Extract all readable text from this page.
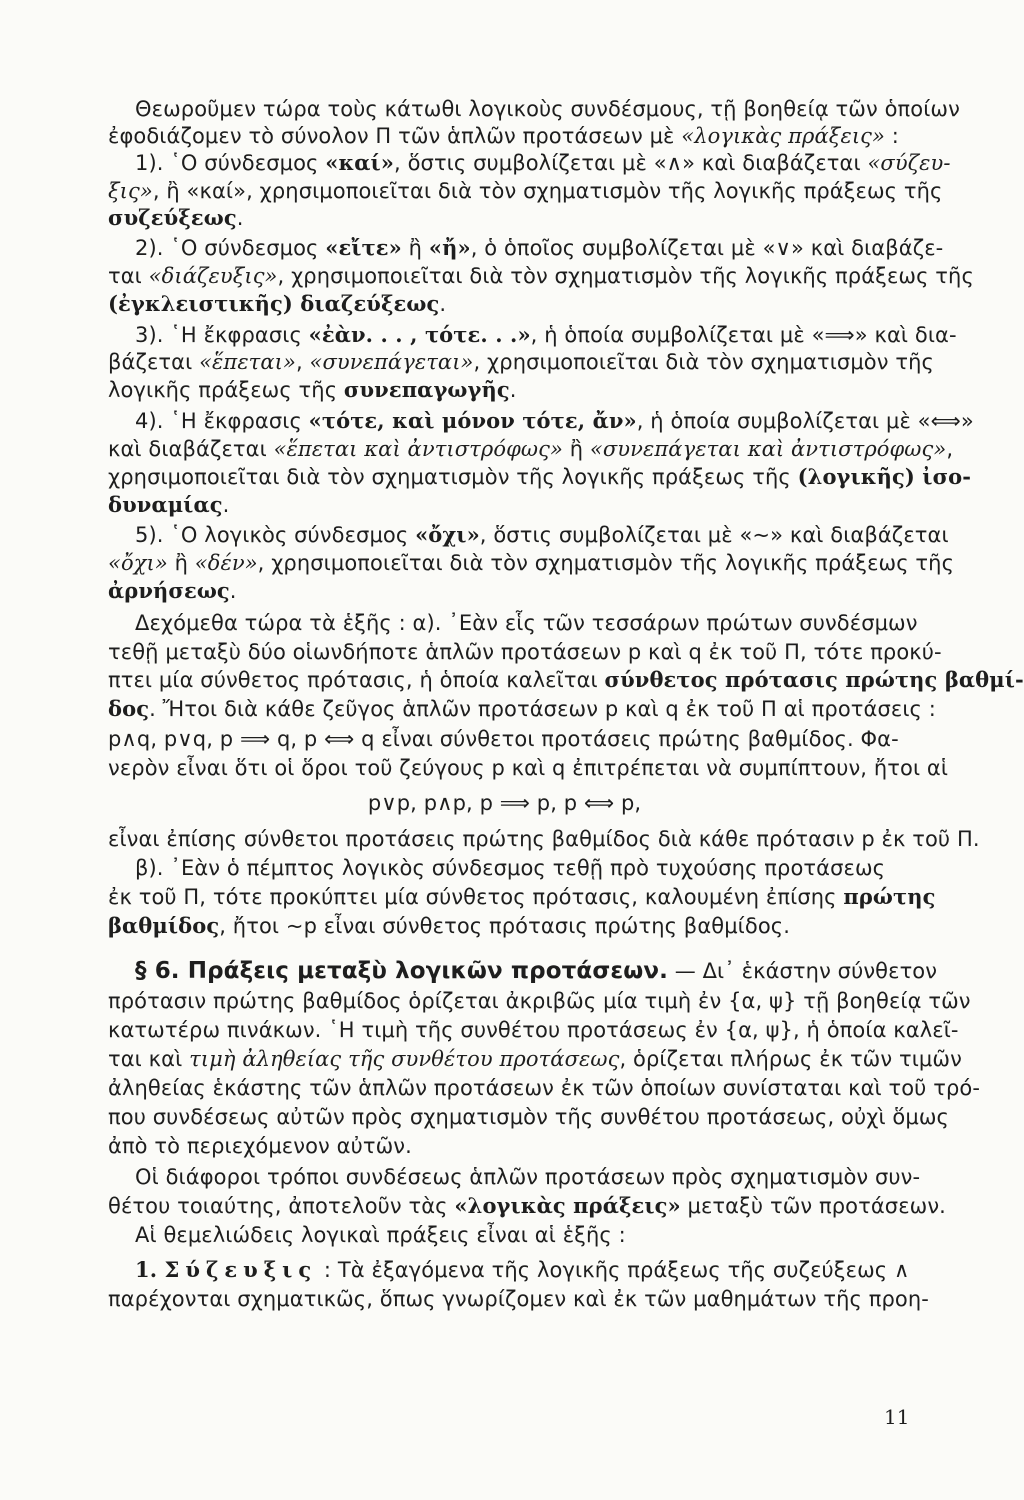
Θεωροῦμεν τώρα τοὺς κάτωθι λογικοὺς συνδέσμους, τῇ βοηθείᾳ τῶν ὁποίων
ἐφοδιάζομεν τὸ σύνολον Π τῶν ἁπλῶν προτάσεων μὲ «λογικὰς πράξεις» :
1). ῾Ο σύνδεσμος «καί», ὅστις συμβολίζεται μὲ «∧» καὶ διαβάζεται «σύζευ-
ξις», ἢ «καί», χρησιμοποιεῖται διὰ τὸν σχηματισμὸν τῆς λογικῆς πράξεως τῆς
συζεύξεως.
2). ῾Ο σύνδεσμος «εἴτε» ἢ «ἤ», ὁ ὁποῖος συμβολίζεται μὲ «∨» καὶ διαβάζε-
ται «διάζευξις», χρησιμοποιεῖται διὰ τὸν σχηματισμὸν τῆς λογικῆς πράξεως τῆς
(ἐγκλειστικῆς) διαζεύξεως.
3). ῾Η ἔκφρασις «ἐὰν. . . , τότε. . .», ἡ ὁποία συμβολίζεται μὲ «⟹» καὶ δια-
βάζεται «ἕπεται», «συνεπάγεται», χρησιμοποιεῖται διὰ τὸν σχηματισμὸν τῆς
λογικῆς πράξεως τῆς συνεπαγωγῆς.
4). ῾Η ἔκφρασις «τότε, καὶ μόνον τότε, ἄν», ἡ ὁποία συμβολίζεται μὲ «⟺»
καὶ διαβάζεται «ἕπεται καὶ ἀντιστρόφως» ἢ «συνεπάγεται καὶ ἀντιστρόφως»,
χρησιμοποιεῖται διὰ τὸν σχηματισμὸν τῆς λογικῆς πράξεως τῆς (λογικῆς) ἰσο-
δυναμίας.
5). ῾Ο λογικὸς σύνδεσμος «ὄχι», ὅστις συμβολίζεται μὲ «∼» καὶ διαβάζεται
«ὄχι» ἢ «δέν», χρησιμοποιεῖται διὰ τὸν σχηματισμὸν τῆς λογικῆς πράξεως τῆς
ἀρνήσεως.
Δεχόμεθα τώρα τὰ ἑξῆς : α). ᾿Εὰν εἷς τῶν τεσσάρων πρώτων συνδέσμων
τεθῇ μεταξὺ δύο οἱωνδήποτε ἁπλῶν προτάσεων p καὶ q ἐκ τοῦ Π, τότε προκύ-
πτει μία σύνθετος πρότασις, ἡ ὁποία καλεῖται σύνθετος πρότασις πρώτης βαθμί-
δος. Ἤτοι διὰ κάθε ζεῦγος ἁπλῶν προτάσεων p καὶ q ἐκ τοῦ Π αἱ προτάσεις :
p∧q, p∨q, p ⟹ q, p ⟺ q εἶναι σύνθετοι προτάσεις πρώτης βαθμίδος. Φα-
νερὸν εἶναι ὅτι οἱ ὅροι τοῦ ζεύγους p καὶ q ἐπιτρέπεται νὰ συμπίπτουν, ἤτοι αἱ
p∨p, p∧p, p ⟹ p, p ⟺ p,
εἶναι ἐπίσης σύνθετοι προτάσεις πρώτης βαθμίδος διὰ κάθε πρότασιν p ἐκ τοῦ Π.
β). ᾿Εὰν ὁ πέμπτος λογικὸς σύνδεσμος τεθῇ πρὸ τυχούσης προτάσεως
ἐκ τοῦ Π, τότε προκύπτει μία σύνθετος πρότασις, καλουμένη ἐπίσης πρώτης
βαθμίδος, ἤτοι ∼p εἶναι σύνθετος πρότασις πρώτης βαθμίδος.
§ 6. Πράξεις μεταξὺ λογικῶν προτάσεων. — Δι᾿ ἑκάστην σύνθετον
πρότασιν πρώτης βαθμίδος ὁρίζεται ἀκριβῶς μία τιμὴ ἐν {α, ψ} τῇ βοηθείᾳ τῶν
κατωτέρω πινάκων. ῾Η τιμὴ τῆς συνθέτου προτάσεως ἐν {α, ψ}, ἡ ὁποία καλεῖ-
ται καὶ τιμὴ ἀληθείας τῆς συνθέτου προτάσεως, ὁρίζεται πλήρως ἐκ τῶν τιμῶν
ἀληθείας ἑκάστης τῶν ἁπλῶν προτάσεων ἐκ τῶν ὁποίων συνίσταται καὶ τοῦ τρό-
που συνδέσεως αὐτῶν πρὸς σχηματισμὸν τῆς συνθέτου προτάσεως, οὐχὶ ὅμως
ἀπὸ τὸ περιεχόμενον αὐτῶν.
Οἱ διάφοροι τρόποι συνδέσεως ἁπλῶν προτάσεων πρὸς σχηματισμὸν συν-
θέτου τοιαύτης, ἀποτελοῦν τὰς «λογικὰς πράξεις» μεταξὺ τῶν προτάσεων.
Αἱ θεμελιώδεις λογικαὶ πράξεις εἶναι αἱ ἑξῆς :
1. Σύζευξις : Τὰ ἐξαγόμενα τῆς λογικῆς πράξεως τῆς συζεύξεως ∧
παρέχονται σχηματικῶς, ὅπως γνωρίζομεν καὶ ἐκ τῶν μαθημάτων τῆς προη-
11
